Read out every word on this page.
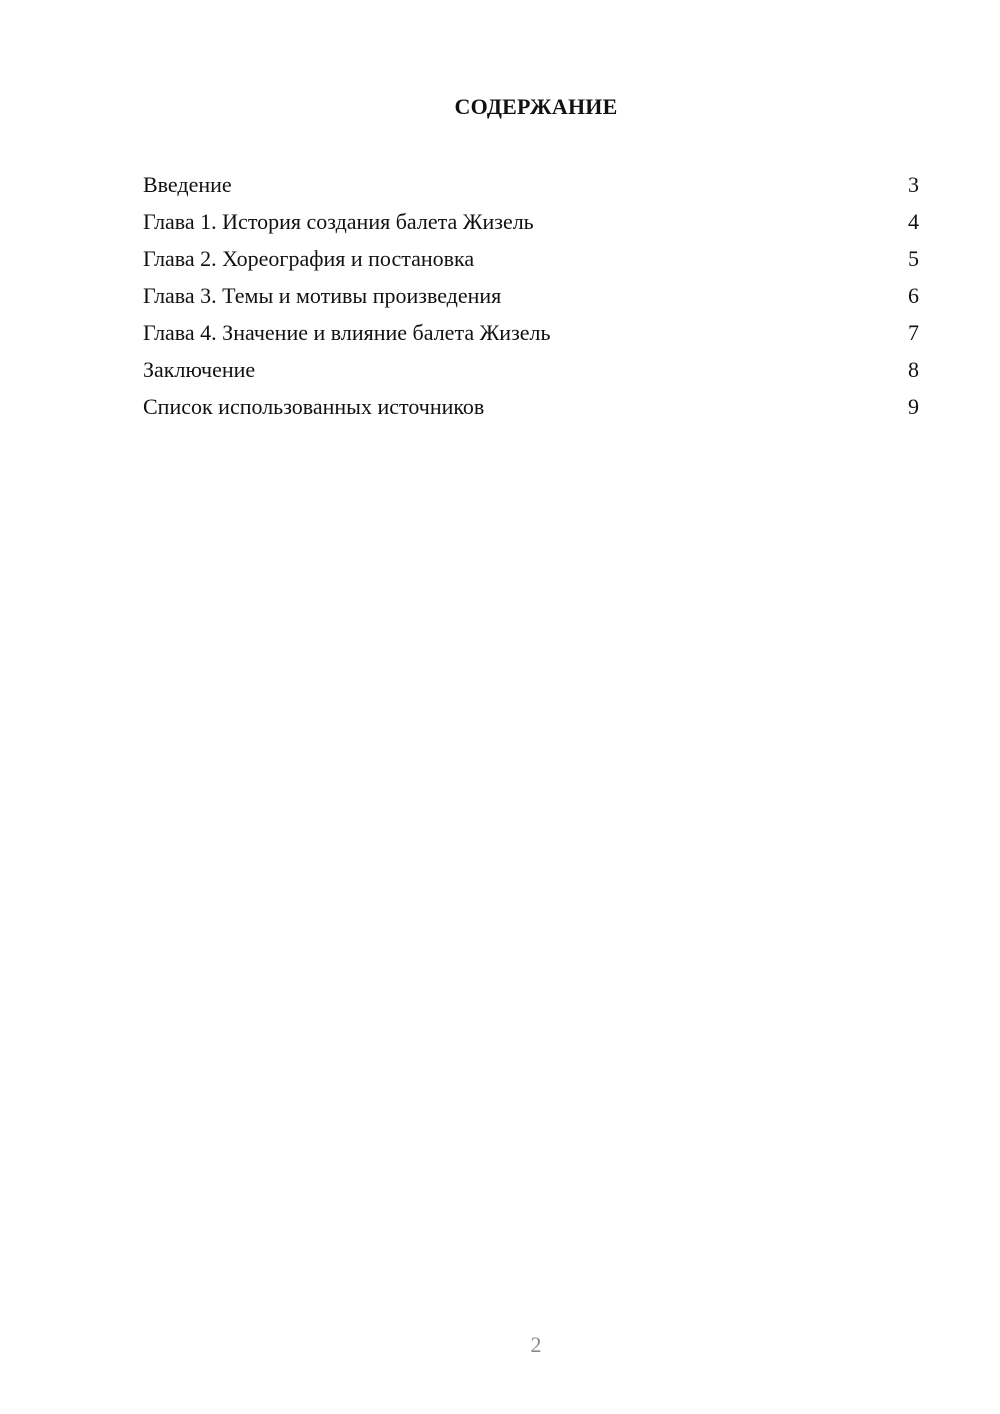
СОДЕРЖАНИЕ
Введение	3
Глава 1. История создания балета Жизель	4
Глава 2. Хореография и постановка	5
Глава 3. Темы и мотивы произведения	6
Глава 4. Значение и влияние балета Жизель	7
Заключение	8
Список использованных источников	9
2
